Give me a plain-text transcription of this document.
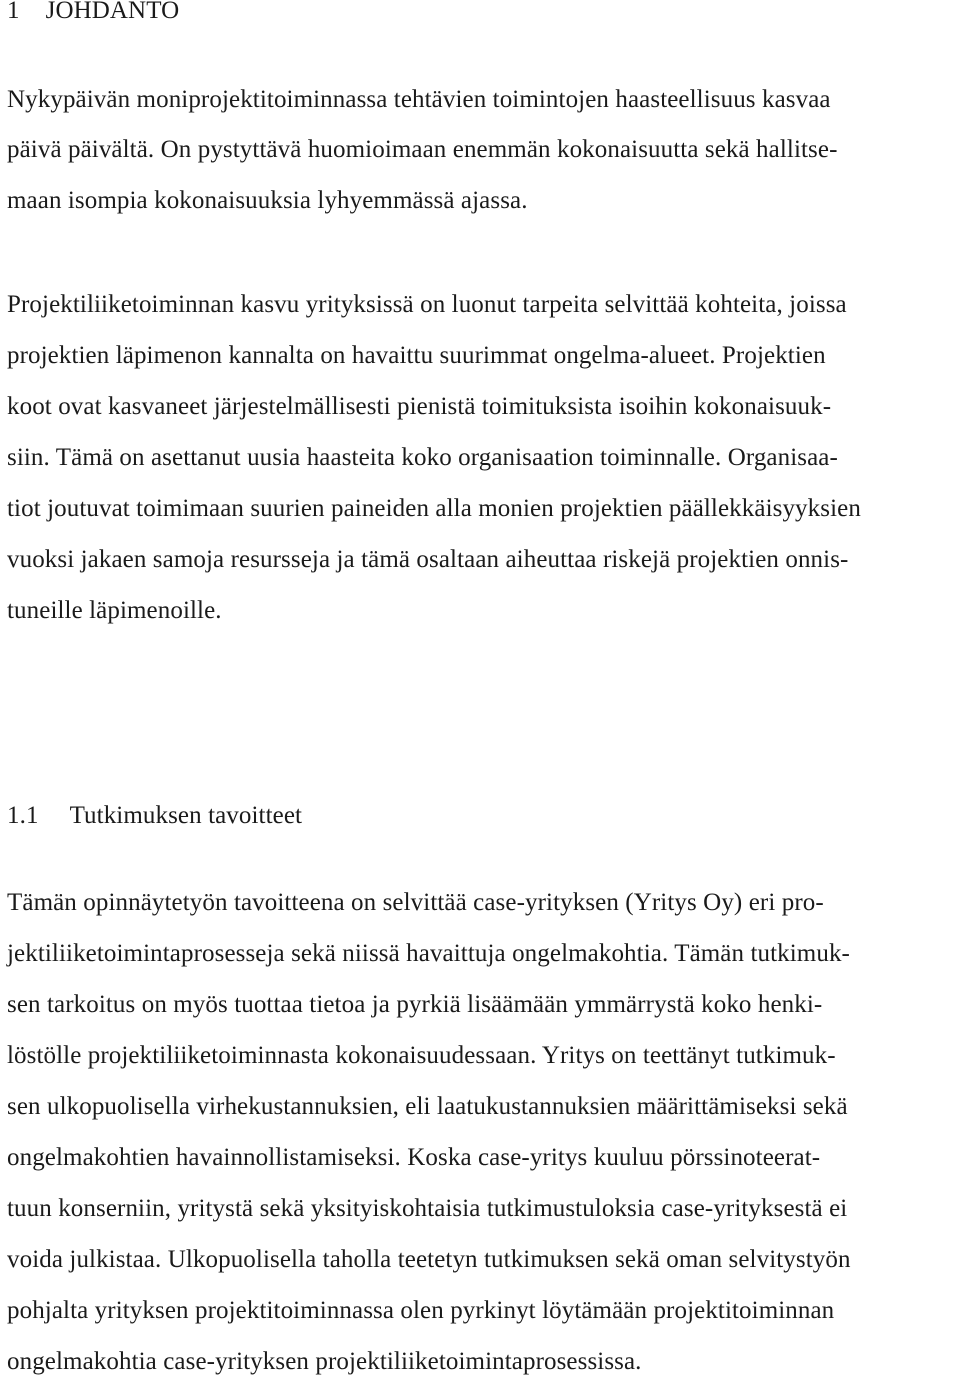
1 JOHDANTO
Nykypäivän moniprojektitoiminnassa tehtävien toimintojen haasteellisuus kasvaa
päivä päivältä. On pystyttävä huomioimaan enemmän kokonaisuutta sekä hallitse-
maan isompia kokonaisuuksia lyhyemmässä ajassa.
Projektiliiketoiminnan kasvu yrityksissä on luonut tarpeita selvittää kohteita, joissa
projektien läpimenon kannalta on havaittu suurimmat ongelma-alueet. Projektien
koot ovat kasvaneet järjestelmällisesti pienistä toimituksista isoihin kokonaisuuk-
siin. Tämä on asettanut uusia haasteita koko organisaation toiminnalle. Organisaa-
tiot joutuvat toimimaan suurien paineiden alla monien projektien päällekkäisyyksien
vuoksi jakaen samoja resursseja ja tämä osaltaan aiheuttaa riskejä projektien onnis-
tuneille läpimenoille.
1.1 Tutkimuksen tavoitteet
Tämän opinnäytetyön tavoitteena on selvittää case-yrityksen (Yritys Oy) eri pro-
jektiliiketoimintaprosesseja sekä niissä havaittuja ongelmakohtia. Tämän tutkimuk-
sen tarkoitus on myös tuottaa tietoa ja pyrkiä lisäämään ymmärrystä koko henki-
löstölle projektiliiketoiminnasta kokonaisuudessaan. Yritys on teettänyt tutkimuk-
sen ulkopuolisella virhekustannuksien, eli laatukustannuksien määrittämiseksi sekä
ongelmakohtien havainnollistamiseksi. Koska case-yritys kuuluu pörssinoteerat-
tuun konserniin, yritystä sekä yksityiskohtaisia tutkimustuloksia case-yrityksestä ei
voida julkistaa. Ulkopuolisella taholla teetetyn tutkimuksen sekä oman selvitystyön
pohjalta yrityksen projektitoiminnassa olen pyrkinyt löytämään projektitoiminnan
ongelmakohtia case-yrityksen projektiliiketoimintaprosessissa.
